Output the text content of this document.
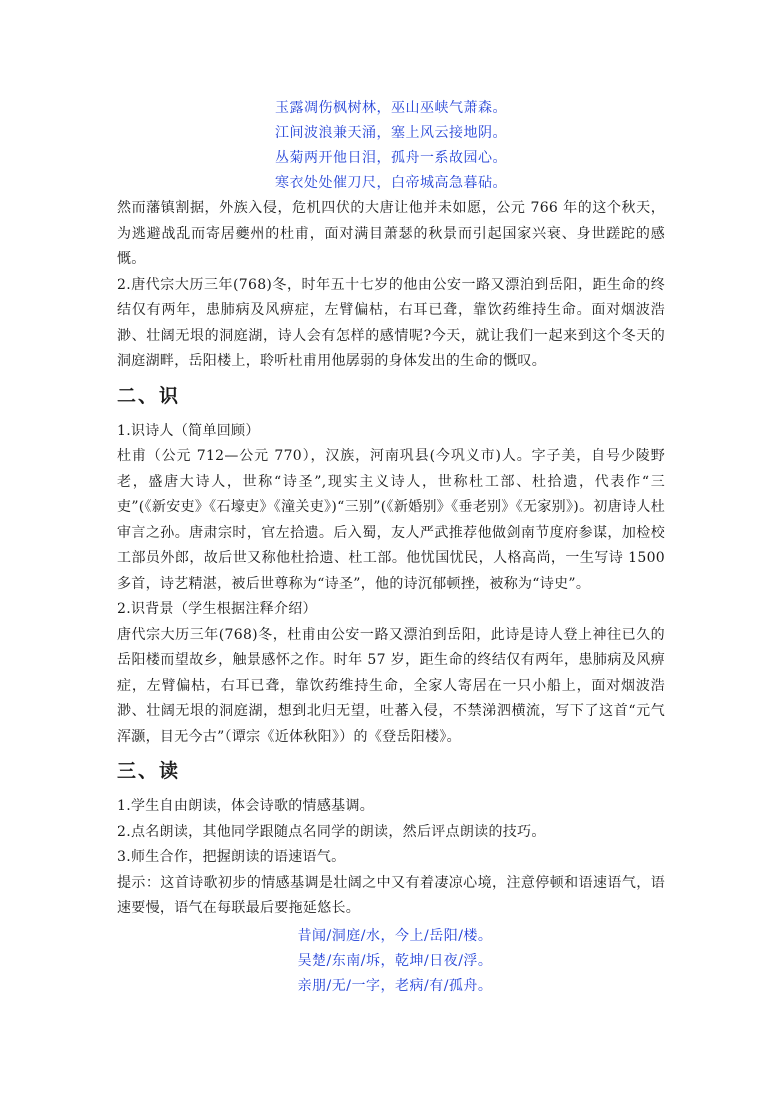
玉露凋伤枫树林，巫山巫峡气萧森。
江间波浪兼天涌，塞上风云接地阴。
丛菊两开他日泪，孤舟一系故园心。
寒衣处处催刀尺，白帝城高急暮砧。

然而藩镇割据，外族入侵，危机四伏的大唐让他并未如愿，公元 766 年的这个秋天，为逃避战乱而寄居夔州的杜甫，面对满目萧瑟的秋景而引起国家兴衰、身世蹉跎的感慨。

2.唐代宗大历三年(768)冬，时年五十七岁的他由公安一路又漂泊到岳阳，距生命的终结仅有两年，患肺病及风痹症，左臂偏枯，右耳已聋，靠饮药维持生命。面对烟波浩渺、壮阔无垠的洞庭湖，诗人会有怎样的感情呢?今天，就让我们一起来到这个冬天的洞庭湖畔，岳阳楼上，聆听杜甫用他孱弱的身体发出的生命的慨叹。

二、识

1.识诗人（简单回顾）

杜甫（公元 712—公元 770），汉族，河南巩县(今巩义市)人。字子美，自号少陵野老，盛唐大诗人，世称“诗圣”,现实主义诗人，世称杜工部、杜拾遗，代表作“三吏”(《新安吏》《石壕吏》《潼关吏》)“三别”(《新婚别》《垂老别》《无家别》)。初唐诗人杜审言之孙。唐肃宗时，官左拾遗。后入蜀，友人严武推荐他做剑南节度府参谋，加检校工部员外郎，故后世又称他杜拾遗、杜工部。他忧国忧民，人格高尚，一生写诗 1500 多首，诗艺精湛，被后世尊称为“诗圣”，他的诗沉郁顿挫，被称为“诗史”。

2.识背景（学生根据注释介绍）

唐代宗大历三年(768)冬，杜甫由公安一路又漂泊到岳阳，此诗是诗人登上神往已久的岳阳楼而望故乡，触景感怀之作。时年 57 岁，距生命的终结仅有两年，患肺病及风痹症，左臂偏枯，右耳已聋，靠饮药维持生命，全家人寄居在一只小船上，面对烟波浩渺、壮阔无垠的洞庭湖，想到北归无望，吐蕃入侵，不禁涕泗横流，写下了这首“元气浑灏，目无今古”（谭宗《近体秋阳》）的《登岳阳楼》。

三、读

1.学生自由朗读，体会诗歌的情感基调。

2.点名朗读，其他同学跟随点名同学的朗读，然后评点朗读的技巧。

3.师生合作，把握朗读的语速语气。

提示：这首诗歌初步的情感基调是壮阔之中又有着凄凉心境，注意停顿和语速语气，语速要慢，语气在每联最后要拖延悠长。

昔闻/洞庭/水，今上/岳阳/楼。
吴楚/东南/坼，乾坤/日夜/浮。
亲朋/无/一字，老病/有/孤舟。
